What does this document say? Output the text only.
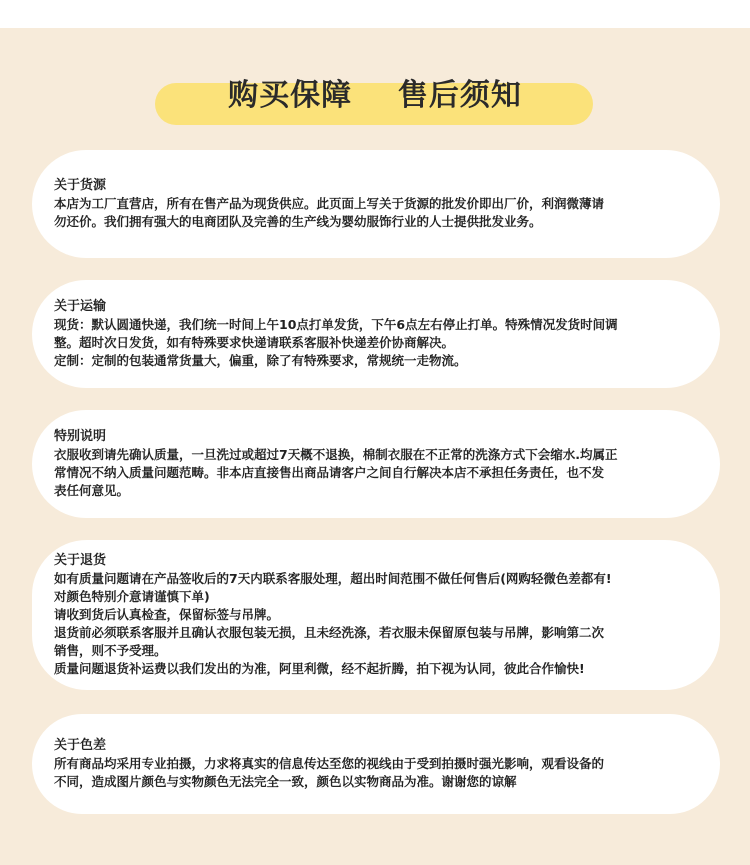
购买保障    售后须知
关于货源
本店为工厂直营店，所有在售产品为现货供应。此页面上写关于货源的批发价即出厂价，利润微薄请
勿还价。我们拥有强大的电商团队及完善的生产线为婴幼服饰行业的人士提供批发业务。
关于运输
现货：默认圆通快递，我们统一时间上午10点打单发货，下午6点左右停止打单。特殊情况发货时间调
整。超时次日发货，如有特殊要求快递请联系客服补快递差价协商解决。
定制：定制的包装通常货量大，偏重，除了有特殊要求，常规统一走物流。
特别说明
衣服收到请先确认质量，一旦洗过或超过7天概不退换，棉制衣服在不正常的洗涤方式下会缩水.均属正
常情况不纳入质量问题范畴。非本店直接售出商品请客户之间自行解决本店不承担任务责任，也不发
表任何意见。
关于退货
如有质量问题请在产品签收后的7天内联系客服处理，超出时间范围不做任何售后(网购轻微色差都有!
对颜色特别介意请谨慎下单)
请收到货后认真检查，保留标签与吊牌。
退货前必须联系客服并且确认衣服包装无损，且未经洗涤，若衣服未保留原包装与吊牌，影响第二次
销售，则不予受理。
质量问题退货补运费以我们发出的为准，阿里利微，经不起折腾，拍下视为认同，彼此合作愉快!
关于色差
所有商品均采用专业拍摄，力求将真实的信息传达至您的视线由于受到拍摄时强光影响，观看设备的
不同，造成图片颜色与实物颜色无法完全一致，颜色以实物商品为准。谢谢您的谅解
